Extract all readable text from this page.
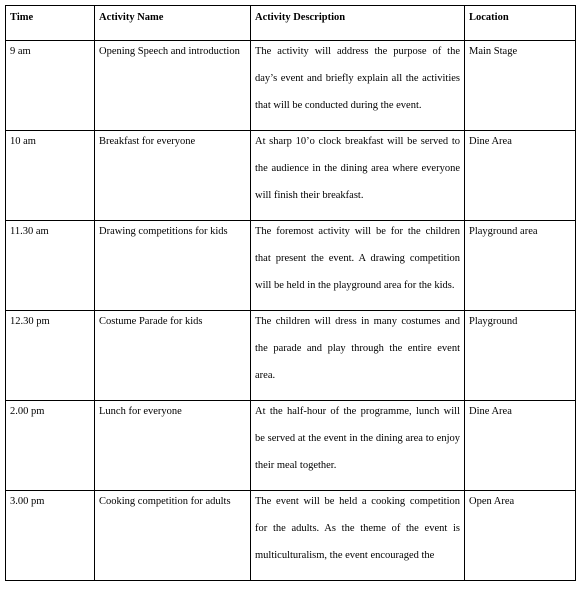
Time	Activity Name	Activity Description	Location

9 am	Opening Speech and introduction	The activity will address the purpose of the day’s event and briefly explain all the activities that will be conducted during the event.	Main Stage

10 am	Breakfast for everyone	At sharp 10’o clock breakfast will be served to the audience in the dining area where everyone will finish their breakfast.	Dine Area

11.30 am	Drawing competitions for kids	The foremost activity will be for the children that present the event. A drawing competition will be held in the playground area for the kids.	Playground area

12.30 pm	Costume Parade for kids	The children will dress in many costumes and the parade and play through the entire event area.	Playground

2.00 pm	Lunch for everyone	At the half-hour of the programme, lunch will be served at the event in the dining area to enjoy their meal together.	Dine Area

3.00 pm	Cooking competition for adults	The event will be held a cooking competition for the adults. As the theme of the event is multiculturalism, the event encouraged the	Open Area
